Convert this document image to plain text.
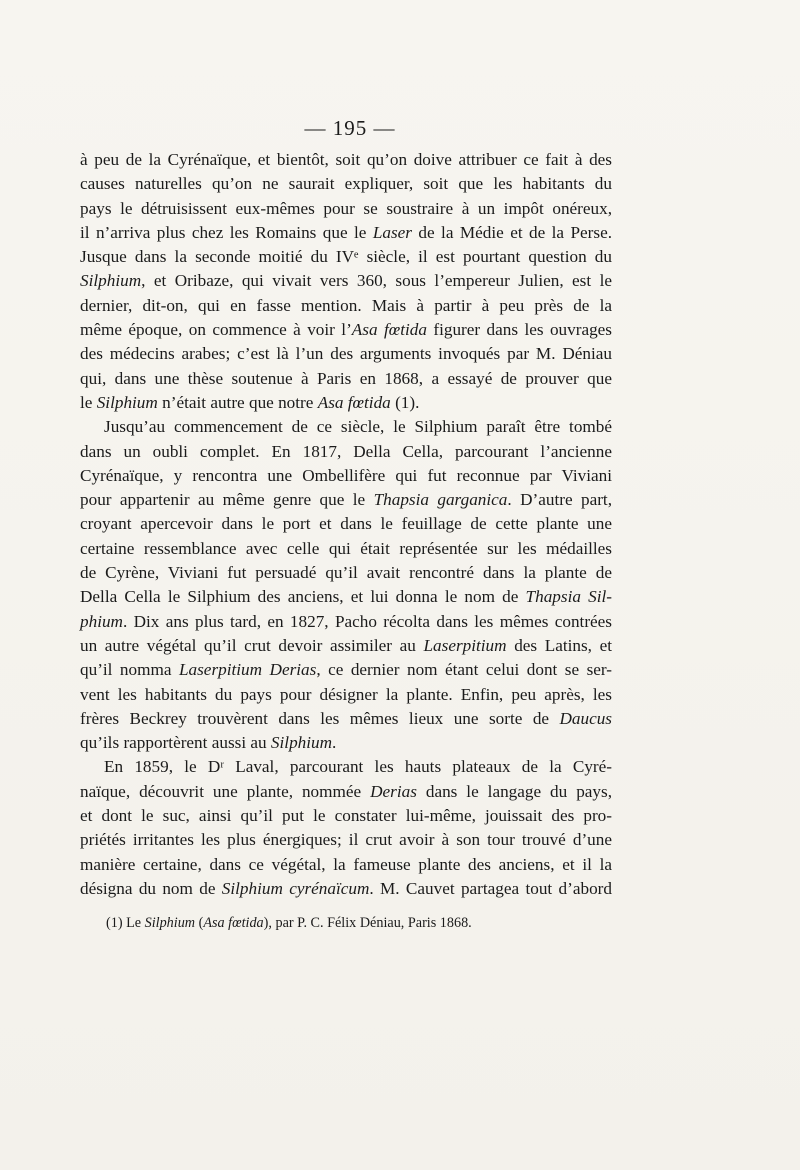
— 195 —
à peu de la Cyrénaïque, et bientôt, soit qu’on doive attribuer ce fait à des
causes naturelles qu’on ne saurait expliquer, soit que les habitants du
pays le détruisissent eux-mêmes pour se soustraire à un impôt onéreux,
il n’arriva plus chez les Romains que le Laser de la Médie et de la Perse.
Jusque dans la seconde moitié du IVᵉ siècle, il est pourtant question du
Silphium, et Oribaze, qui vivait vers 360, sous l’empereur Julien, est le
dernier, dit-on, qui en fasse mention. Mais à partir à peu près de la
même époque, on commence à voir l’Asa fœtida figurer dans les ouvrages
des médecins arabes; c’est là l’un des arguments invoqués par M. Déniau
qui, dans une thèse soutenue à Paris en 1868, a essayé de prouver que
le Silphium n’était autre que notre Asa fœtida (1).
Jusqu’au commencement de ce siècle, le Silphium paraît être tombé
dans un oubli complet. En 1817, Della Cella, parcourant l’ancienne
Cyrénaïque, y rencontra une Ombellifère qui fut reconnue par Viviani
pour appartenir au même genre que le Thapsia garganica. D’autre part,
croyant apercevoir dans le port et dans le feuillage de cette plante une
certaine ressemblance avec celle qui était représentée sur les médailles
de Cyrène, Viviani fut persuadé qu’il avait rencontré dans la plante de
Della Cella le Silphium des anciens, et lui donna le nom de Thapsia Sil-
phium. Dix ans plus tard, en 1827, Pacho récolta dans les mêmes contrées
un autre végétal qu’il crut devoir assimiler au Laserpitium des Latins, et
qu’il nomma Laserpitium Derias, ce dernier nom étant celui dont se ser-
vent les habitants du pays pour désigner la plante. Enfin, peu après, les
frères Beckrey trouvèrent dans les mêmes lieux une sorte de Daucus
qu’ils rapportèrent aussi au Silphium.
En 1859, le Dʳ Laval, parcourant les hauts plateaux de la Cyré-
naïque, découvrit une plante, nommée Derias dans le langage du pays,
et dont le suc, ainsi qu’il put le constater lui-même, jouissait des pro-
priétés irritantes les plus énergiques; il crut avoir à son tour trouvé d’une
manière certaine, dans ce végétal, la fameuse plante des anciens, et il la
désigna du nom de Silphium cyrénaïcum. M. Cauvet partagea tout d’abord
(1) Le Silphium (Asa fœtida), par P. C. Félix Déniau, Paris 1868.
